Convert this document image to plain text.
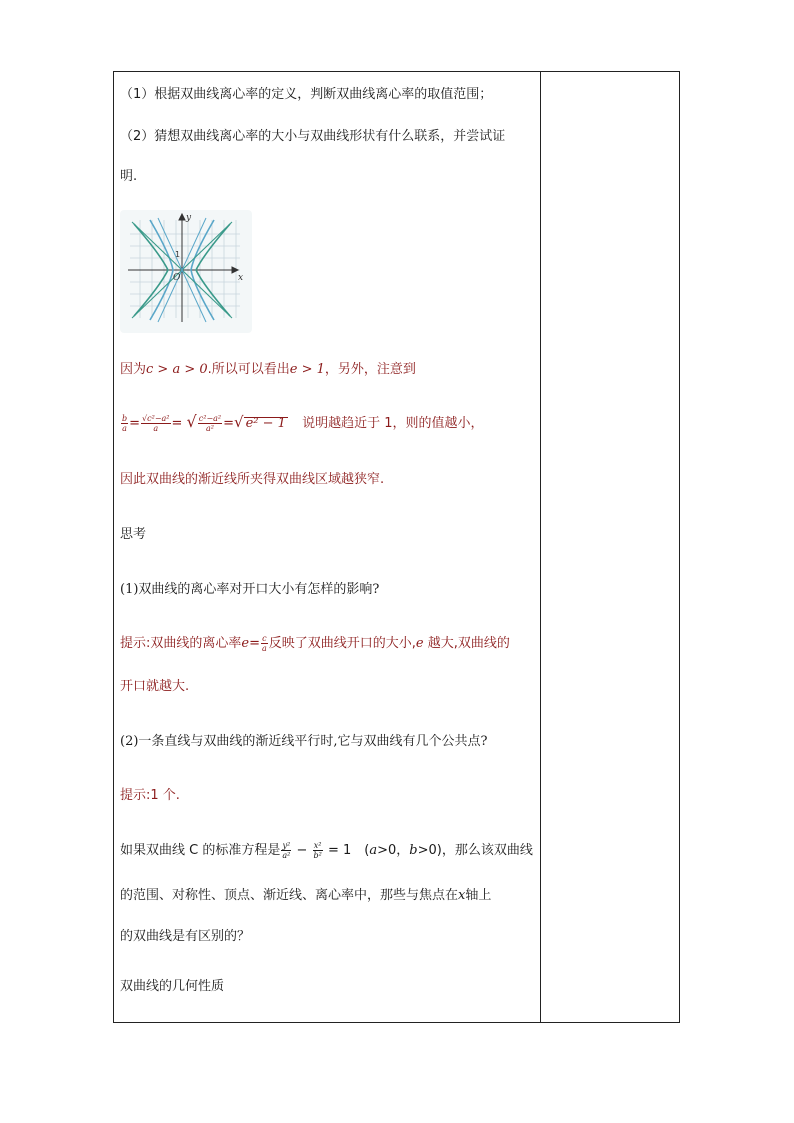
（1）根据双曲线离心率的定义，判断双曲线离心率的取值范围；
（2）猜想双曲线离心率的大小与双曲线形状有什么联系，并尝试证
明.
x
y
O
1
因为c > a > 0.所以可以看出e > 1，另外，注意到
$\frac{b}{a} = \frac{\text{√c²−a²}}{a}$ = √ $\frac{\text{c²−a²}}{\text{a²}}$ =√ e² − 1 说明越趋近于 1，则的值越小，
因此双曲线的渐近线所夹得双曲线区域越狭窄.
思考
(1)双曲线的离心率对开口大小有怎样的影响?
提示:双曲线的离心率$e= \frac{c}{a}$ 反映了双曲线开口的大小,e 越大,双曲线的
开口就越大.
(2)一条直线与双曲线的渐近线平行时,它与双曲线有几个公共点?
提示:1 个.
如果双曲线 C 的标准方程是 $\frac{\text{y²}}{\text{a²}} - \frac{\text{x²}}{\text{b²}} = 1$　(a>0，b>0)，那么该双曲线
的范围、对称性、顶点、渐近线、离心率中，那些与焦点在x轴上
的双曲线是有区别的？
双曲线的几何性质
